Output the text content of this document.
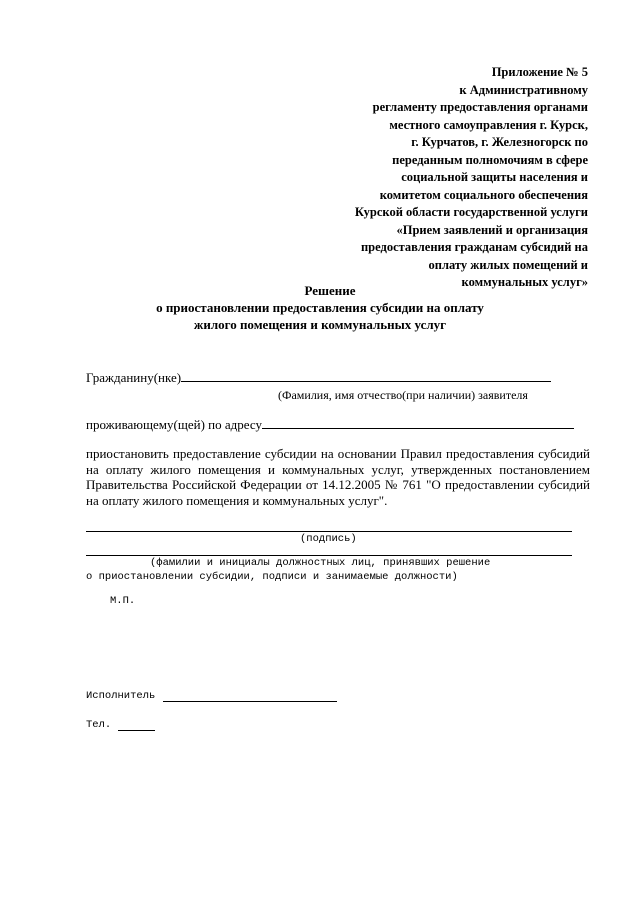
Приложение № 5
к Административному
регламенту предоставления органами
местного самоуправления г. Курск,
г. Курчатов, г. Железногорск по
переданным полномочиям в сфере
социальной защиты населения и
комитетом социального обеспечения
Курской области государственной услуги
«Прием заявлений и организация
предоставления гражданам субсидий на
оплату жилых помещений и
коммунальных услуг»
Решение
о приостановлении предоставления субсидии на оплату
жилого помещения и коммунальных услуг
Гражданину(нке)
(Фамилия, имя отчество(при наличии) заявителя
проживающему(щей) по адресу
приостановить предоставление субсидии на основании Правил предоставления субсидий
на оплату жилого помещения и коммунальных услуг, утвержденных постановлением
Правительства Российской Федерации от 14.12.2005 № 761 "О предоставлении субсидий
на оплату жилого помещения и коммунальных услуг".
(подпись)
(фамилии и инициалы должностных лиц, принявших решение
о приостановлении субсидии, подписи и занимаемые должности)
М.П.
Исполнитель
Тел.
